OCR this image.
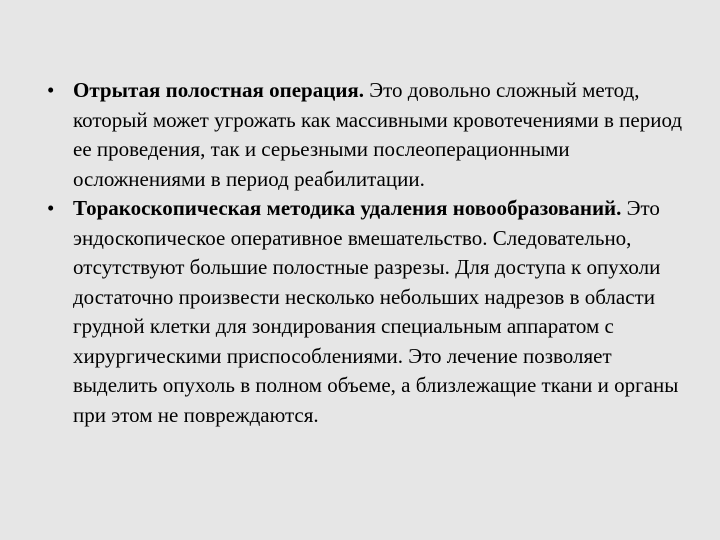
• Отрытая полостная операция. Это довольно сложный метод, который может угрожать как массивными кровотечениями в период ее проведения, так и серьезными послеоперационными осложнениями в период реабилитации.
• Торакоскопическая методика удаления новообразований. Это эндоскопическое оперативное вмешательство. Следовательно, отсутствуют большие полостные разрезы. Для доступа к опухоли достаточно произвести несколько небольших надрезов в области грудной клетки для зондирования специальным аппаратом с хирургическими приспособлениями. Это лечение позволяет выделить опухоль в полном объеме, а близлежащие ткани и органы при этом не повреждаются.
